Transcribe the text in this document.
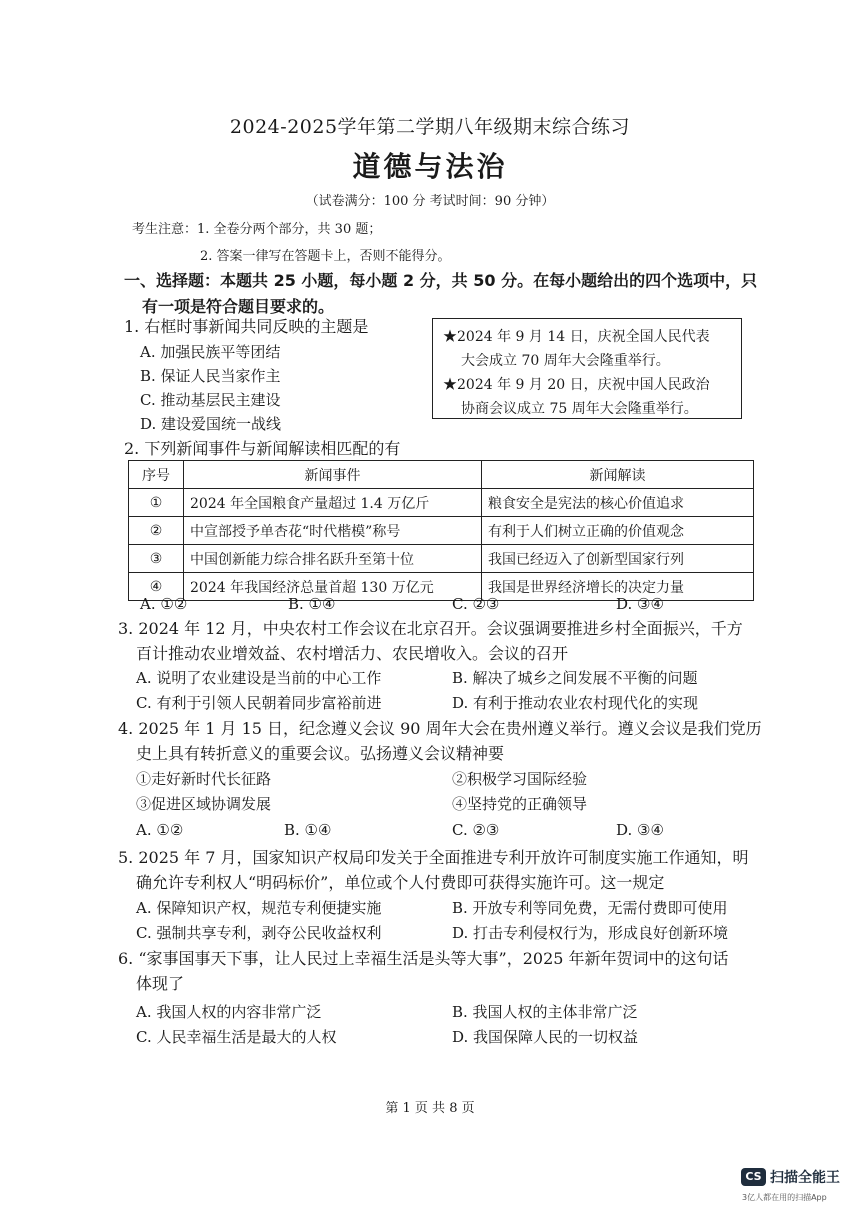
2024-2025学年第二学期八年级期末综合练习
道德与法治
（试卷满分：100 分 考试时间：90 分钟）
考生注意：1. 全卷分两个部分，共 30 题；
2. 答案一律写在答题卡上，否则不能得分。
一、选择题：本题共 25 小题，每小题 2 分，共 50 分。在每小题给出的四个选项中，只
有一项是符合题目要求的。
1. 右框时事新闻共同反映的主题是
A. 加强民族平等团结
B. 保证人民当家作主
C. 推动基层民主建设
D. 建设爱国统一战线
★2024 年 9 月 14 日，庆祝全国人民代表
大会成立 70 周年大会隆重举行。
★2024 年 9 月 20 日，庆祝中国人民政治
协商会议成立 75 周年大会隆重举行。
2. 下列新闻事件与新闻解读相匹配的有
序号	新闻事件	新闻解读
①	2024 年全国粮食产量超过 1.4 万亿斤	粮食安全是宪法的核心价值追求
②	中宣部授予单杏花“时代楷模”称号	有利于人们树立正确的价值观念
③	中国创新能力综合排名跃升至第十位	我国已经迈入了创新型国家行列
④	2024 年我国经济总量首超 130 万亿元	我国是世界经济增长的决定力量
A. ①②	B. ①④	C. ②③	D. ③④
3. 2024 年 12 月，中央农村工作会议在北京召开。会议强调要推进乡村全面振兴，千方
百计推动农业增效益、农村增活力、农民增收入。会议的召开
A. 说明了农业建设是当前的中心工作	B. 解决了城乡之间发展不平衡的问题
C. 有利于引领人民朝着同步富裕前进	D. 有利于推动农业农村现代化的实现
4. 2025 年 1 月 15 日，纪念遵义会议 90 周年大会在贵州遵义举行。遵义会议是我们党历
史上具有转折意义的重要会议。弘扬遵义会议精神要
①走好新时代长征路	②积极学习国际经验
③促进区域协调发展	④坚持党的正确领导
A. ①②	B. ①④	C. ②③	D. ③④
5. 2025 年 7 月，国家知识产权局印发关于全面推进专利开放许可制度实施工作通知，明
确允许专利权人“明码标价”，单位或个人付费即可获得实施许可。这一规定
A. 保障知识产权，规范专利便捷实施	B. 开放专利等同免费，无需付费即可使用
C. 强制共享专利，剥夺公民收益权利	D. 打击专利侵权行为，形成良好创新环境
6. “家事国事天下事，让人民过上幸福生活是头等大事”，2025 年新年贺词中的这句话
体现了
A. 我国人权的内容非常广泛	B. 我国人权的主体非常广泛
C. 人民幸福生活是最大的人权	D. 我国保障人民的一切权益
第 1 页 共 8 页
CS 扫描全能王
3亿人都在用的扫描App
